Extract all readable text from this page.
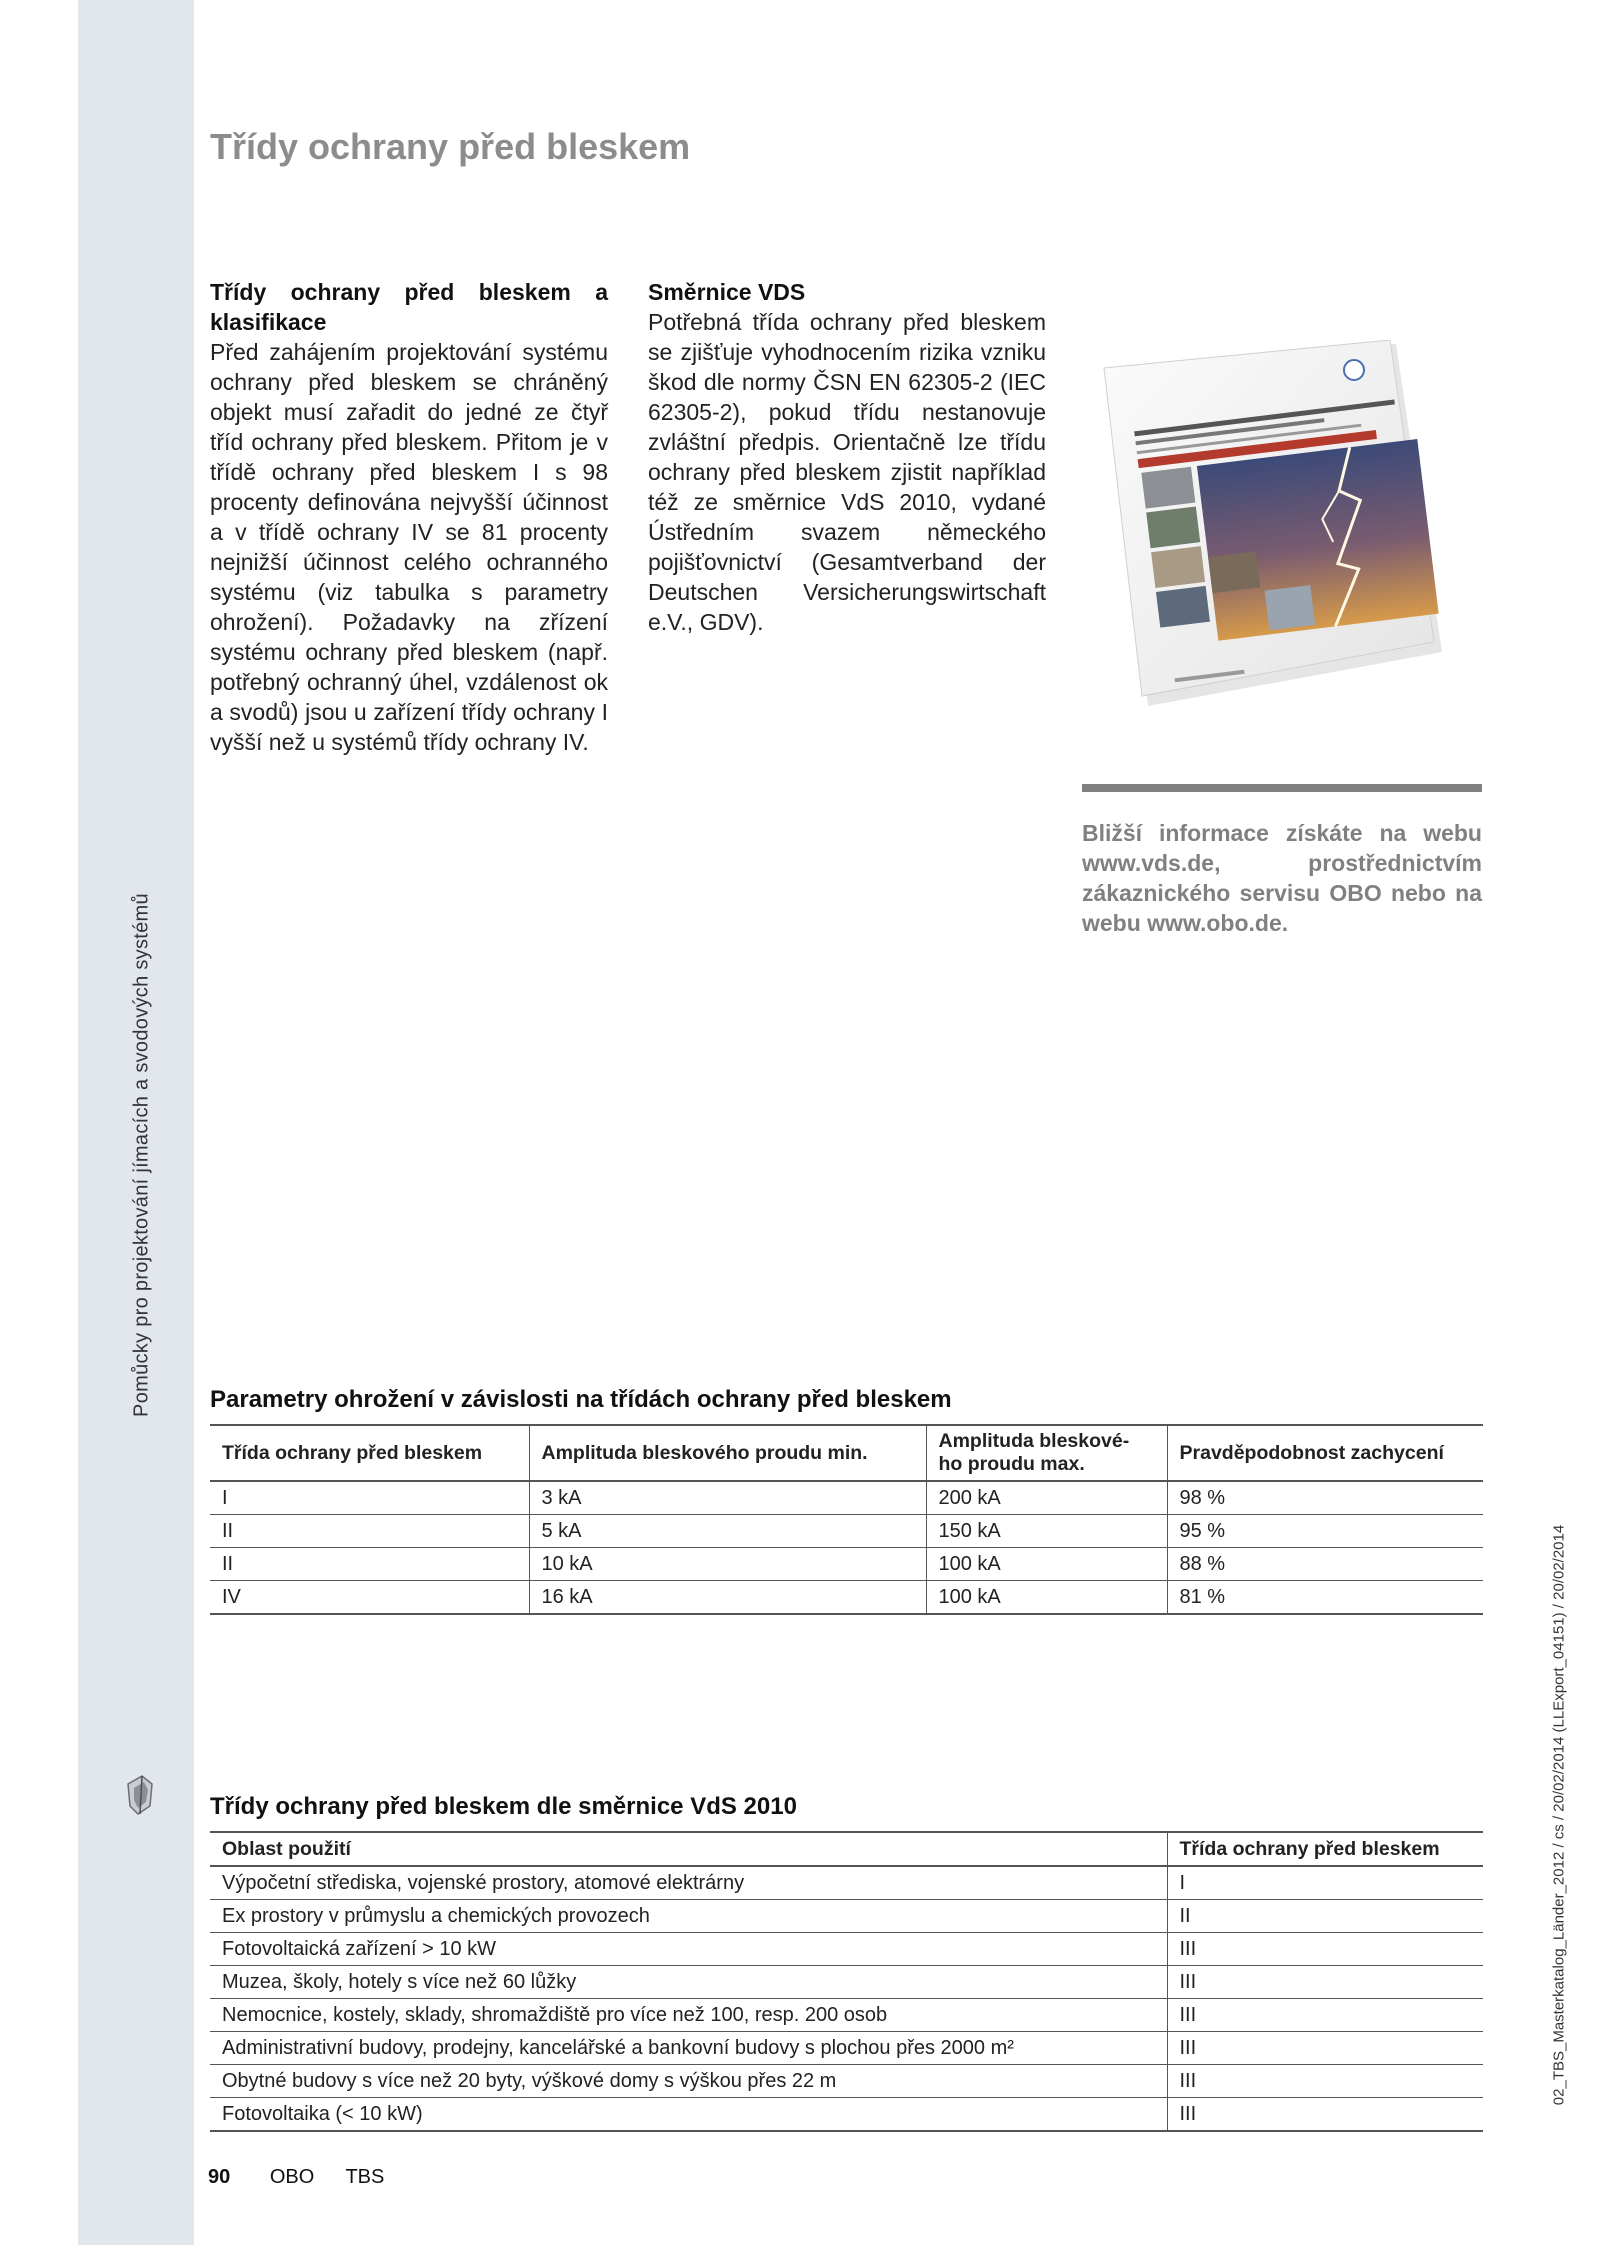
Pomůcky pro projektování jímacích a svodových systémů
02_TBS_Masterkatalog_Länder_2012 / cs / 20/02/2014 (LLExport_04151) / 20/02/2014
Třídy ochrany před bleskem
Třídy ochrany před bleskem a klasifikace

Před zahájením projektování systému ochrany před bleskem se chráněný objekt musí zařadit do jedné ze čtyř tříd ochrany před bleskem. Přitom je v třídě ochrany před bleskem I s 98 procenty definována nejvyšší účinnost a v třídě ochrany IV se 81 procenty nejnižší účinnost celého ochranného systému (viz tabulka s parametry ohrožení). Požadavky na zřízení systému ochrany před bleskem (např. potřebný ochranný úhel, vzdálenost ok a svodů) jsou u zařízení třídy ochrany I vyšší než u systémů třídy ochrany IV.

Směrnice VDS

Potřebná třída ochrany před bleskem se zjišťuje vyhodnocením rizika vzniku škod dle normy ČSN EN 62305-2 (IEC 62305-2), pokud třídu nestanovuje zvláštní předpis. Orientačně lze třídu ochrany před bleskem zjistit například též ze směrnice VdS 2010, vydané Ústředním svazem německého pojišťovnictví (Gesamtverband der Deutschen Versicherungswirtschaft e.V., GDV).

Bližší informace získáte na webu www.vds.de, prostřednictvím zákaznického servisu OBO nebo na webu www.obo.de.

Parametry ohrožení v závislosti na třídách ochrany před bleskem
Třída ochrany před bleskem	Amplituda bleskového proudu min.	Amplituda bleskové-
ho proudu max.	Pravděpodobnost zachycení
I	3 kA	200 kA	98 %
II	5 kA	150 kA	95 %
II	10 kA	100 kA	88 %
IV	16 kA	100 kA	81 %
Třídy ochrany před bleskem dle směrnice VdS 2010
Oblast použití	Třída ochrany před bleskem
Výpočetní střediska, vojenské prostory, atomové elektrárny	I
Ex prostory v průmyslu a chemických provozech	II
Fotovoltaická zařízení > 10 kW	III
Muzea, školy, hotely s více než 60 lůžky	III
Nemocnice, kostely, sklady, shromaždiště pro více než 100, resp. 200 osob	III
Administrativní budovy, prodejny, kancelářské a bankovní budovy s plochou přes 2000 m²	III
Obytné budovy s více než 20 byty, výškové domy s výškou přes 22 m	III
Fotovoltaika (< 10 kW)	III
90 OBO TBS
